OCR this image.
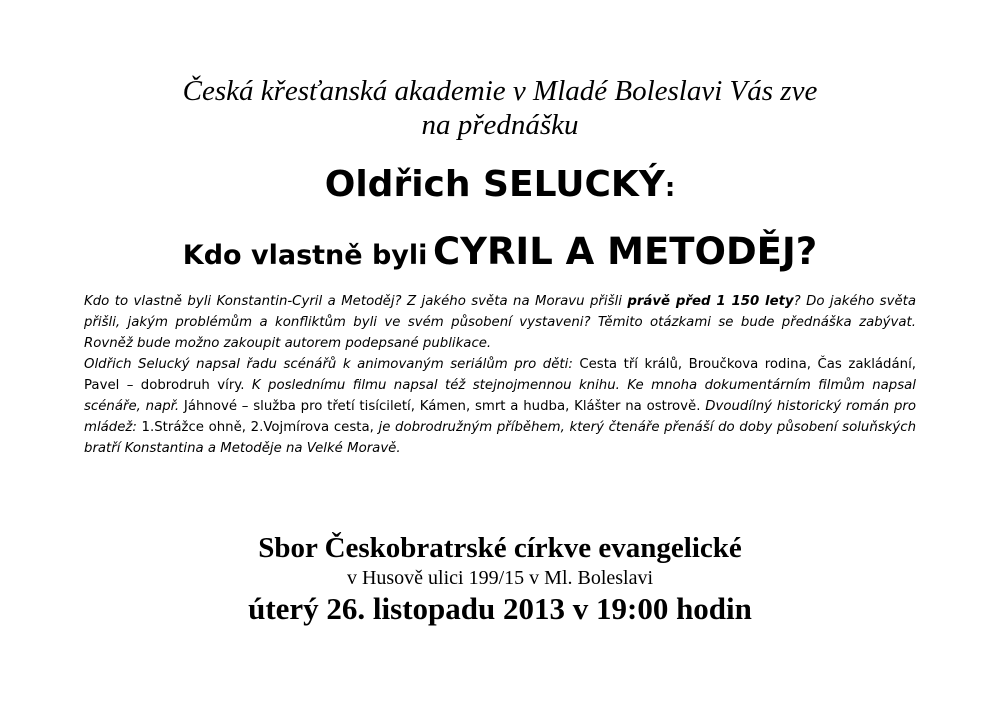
Česká křesťanská akademie v Mladé Boleslavi Vás zve
na přednášku
Oldřich SELUCKÝ:
Kdo vlastně byli CYRIL A METODĚJ?

Kdo to vlastně byli Konstantin-Cyril a Metoděj? Z jakého světa na Moravu přišli právě před 1 150 lety? Do jakého světa přišli, jakým problémům a konfliktům byli ve svém působení vystaveni? Těmito otázkami se bude přednáška zabývat. Rovněž bude možno zakoupit autorem podepsané publikace.

Oldřich Selucký napsal řadu scénářů k animovaným seriálům pro děti: Cesta tří králů, Broučkova rodina, Čas zakládání, Pavel – dobrodruh víry. K poslednímu filmu napsal též stejnojmennou knihu. Ke mnoha dokumentárním filmům napsal scénáře, např. Jáhnové – služba pro třetí tisíciletí, Kámen, smrt a hudba, Klášter na ostrově. Dvoudílný historický román pro mládež: 1.Strážce ohně, 2.Vojmírova cesta, je dobrodružným příběhem, který čtenáře přenáší do doby působení soluňských bratří Konstantina a Metoděje na Velké Moravě.

Sbor Českobratrské církve evangelické
v Husově ulici 199/15 v Ml. Boleslavi
úterý 26. listopadu 2013 v 19:00 hodin
